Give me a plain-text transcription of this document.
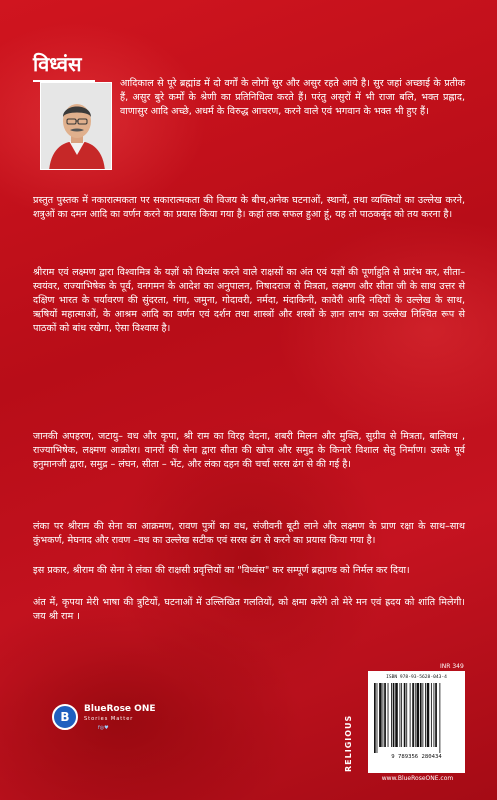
विध्वंस

आदिकाल से पूरे ब्रह्मांड में दो वर्गों के लोगों सुर और असुर रहते आये है। सुर जहां अच्छाई के प्रतीक हैं, असुर बुरे कर्मों के श्रेणी का प्रतिनिधित्व करते हैं। परंतु असुरों में भी राजा बलि, भक्त प्रह्लाद, वाणासुर आदि अच्छे, अधर्म के विरुद्ध आचरण, करने वाले एवं भगवान के भक्त भी हुए हैं।

प्रस्तुत पुस्तक में नकारात्मकता पर सकारात्मकता की विजय के बीच,अनेक घटनाओं, स्थानों, तथा व्यक्तियों का उल्लेख करने, शत्रुओं का दमन आदि का वर्णन करने का प्रयास किया गया है। कहां तक सफल हुआ हूं, यह तो पाठकबृंद को तय करना है।

श्रीराम एवं लक्ष्मण द्वारा विश्वामित्र के यज्ञों को विध्वंस करने वाले राक्षसों का अंत एवं यज्ञों की पूर्णाहुति से प्रारंभ कर, सीता–स्वयंवर, राज्याभिषेक के पूर्व, वनगमन के आदेश का अनुपालन, निषादराज से मित्रता, लक्ष्मण और सीता जी के साथ उत्तर से दक्षिण भारत के पर्यावरण की सुंदरता, गंगा, जमुना, गोदावरी, नर्मदा, मंदाकिनी, कावेरी आदि नदियों के उल्लेख के साथ, ऋषियों महात्माओं, के आश्रम आदि का वर्णन एवं दर्शन तथा शास्त्रों और शस्त्रों के ज्ञान लाभ का उल्लेख निश्चित रूप से पाठकों को बांध रखेगा, ऐसा विश्वास है।

जानकी अपहरण, जटायु– वध और कृपा, श्री राम का विरह वेदना, शबरी मिलन और मुक्ति, सुग्रीव से मित्रता, बालिवध , राज्याभिषेक, लक्ष्मण आक्रोश। वानरों की सेना द्वारा सीता की खोज और समुद्र के किनारे विशाल सेतु निर्माण। उसके पूर्व हनुमानजी द्वारा, समुद्र – लंघन, सीता – भेंट, और लंका दहन की चर्चा सरस ढंग से की गई है।

लंका पर श्रीराम की सेना का आक्रमण, रावण पुत्रों का वध, संजीवनी बूटी लाने और लक्ष्मण के प्राण रक्षा के साथ–साथ कुंभकर्ण, मेघनाद और रावण –वध का उल्लेख सटीक एवं सरस ढंग से करने का प्रयास किया गया है।

इस प्रकार, श्रीराम की सेना ने लंका की राक्षसी प्रवृत्तियों का "विध्वंस" कर सम्पूर्ण ब्रह्माण्ड को निर्मल कर दिया।

अंत में, कृपया मेरी भाषा की त्रुटियों, घटनाओं में उल्लिखित गलतियों, को क्षमा करेंगे तो मेरे मन एवं ह्रदय को शांति मिलेगी। जय श्री राम ।

B
BlueRose ONE
Stories Matter
f◎♥	RELIGIOUS
INR 349
ISBN 978-93-5628-043-4
9 789356 280434
www.BlueRoseONE.com
